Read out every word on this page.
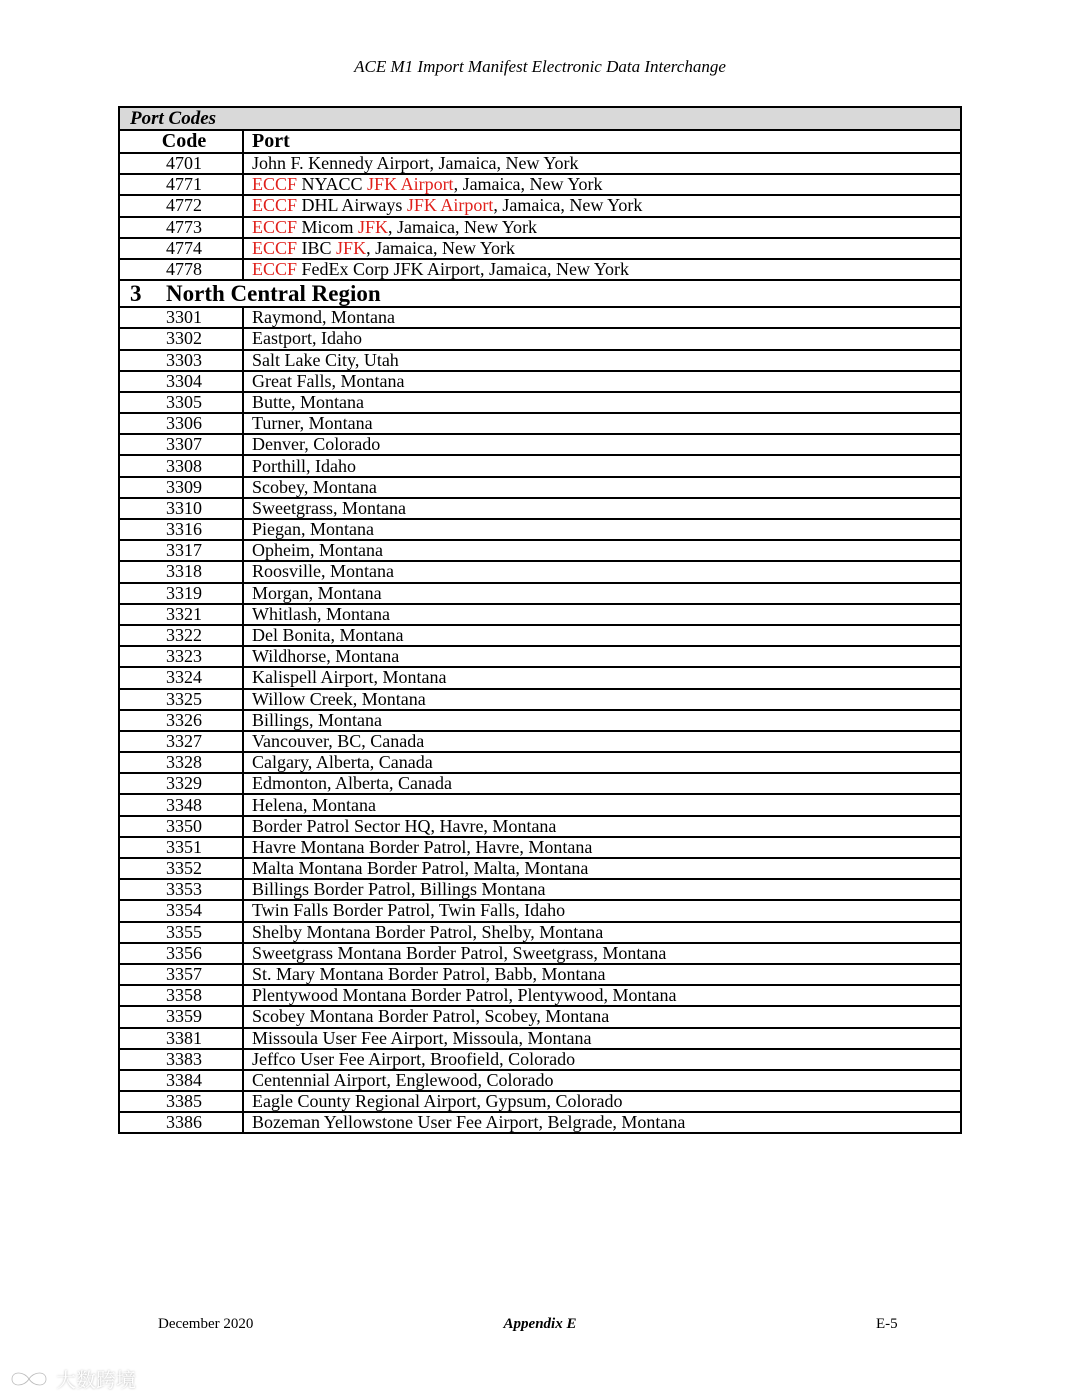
ACE M1 Import Manifest Electronic Data Interchange
Port Codes	
Code	Port
4701	John F. Kennedy Airport, Jamaica, New York
4771	ECCF NYACC JFK Airport, Jamaica, New York
4772	ECCF DHL Airways JFK Airport, Jamaica, New York
4773	ECCF Micom JFK, Jamaica, New York
4774	ECCF IBC JFK, Jamaica, New York
4778	ECCF FedEx Corp JFK Airport, Jamaica, New York
3 North Central Region	
3301	Raymond, Montana
3302	Eastport, Idaho
3303	Salt Lake City, Utah
3304	Great Falls, Montana
3305	Butte, Montana
3306	Turner, Montana
3307	Denver, Colorado
3308	Porthill, Idaho
3309	Scobey, Montana
3310	Sweetgrass, Montana
3316	Piegan, Montana
3317	Opheim, Montana
3318	Roosville, Montana
3319	Morgan, Montana
3321	Whitlash, Montana
3322	Del Bonita, Montana
3323	Wildhorse, Montana
3324	Kalispell Airport, Montana
3325	Willow Creek, Montana
3326	Billings, Montana
3327	Vancouver, BC, Canada
3328	Calgary, Alberta, Canada
3329	Edmonton, Alberta, Canada
3348	Helena, Montana
3350	Border Patrol Sector HQ, Havre, Montana
3351	Havre Montana Border Patrol, Havre, Montana
3352	Malta Montana Border Patrol, Malta, Montana
3353	Billings Border Patrol, Billings Montana
3354	Twin Falls Border Patrol, Twin Falls, Idaho
3355	Shelby Montana Border Patrol, Shelby, Montana
3356	Sweetgrass Montana Border Patrol, Sweetgrass, Montana
3357	St. Mary Montana Border Patrol, Babb, Montana
3358	Plentywood Montana Border Patrol, Plentywood, Montana
3359	Scobey Montana Border Patrol, Scobey, Montana
3381	Missoula User Fee Airport, Missoula, Montana
3383	Jeffco User Fee Airport, Broofield, Colorado
3384	Centennial Airport, Englewood, Colorado
3385	Eagle County Regional Airport, Gypsum, Colorado
3386	Bozeman Yellowstone User Fee Airport, Belgrade, Montana
December 2020	Appendix E	E-5
大数跨境
